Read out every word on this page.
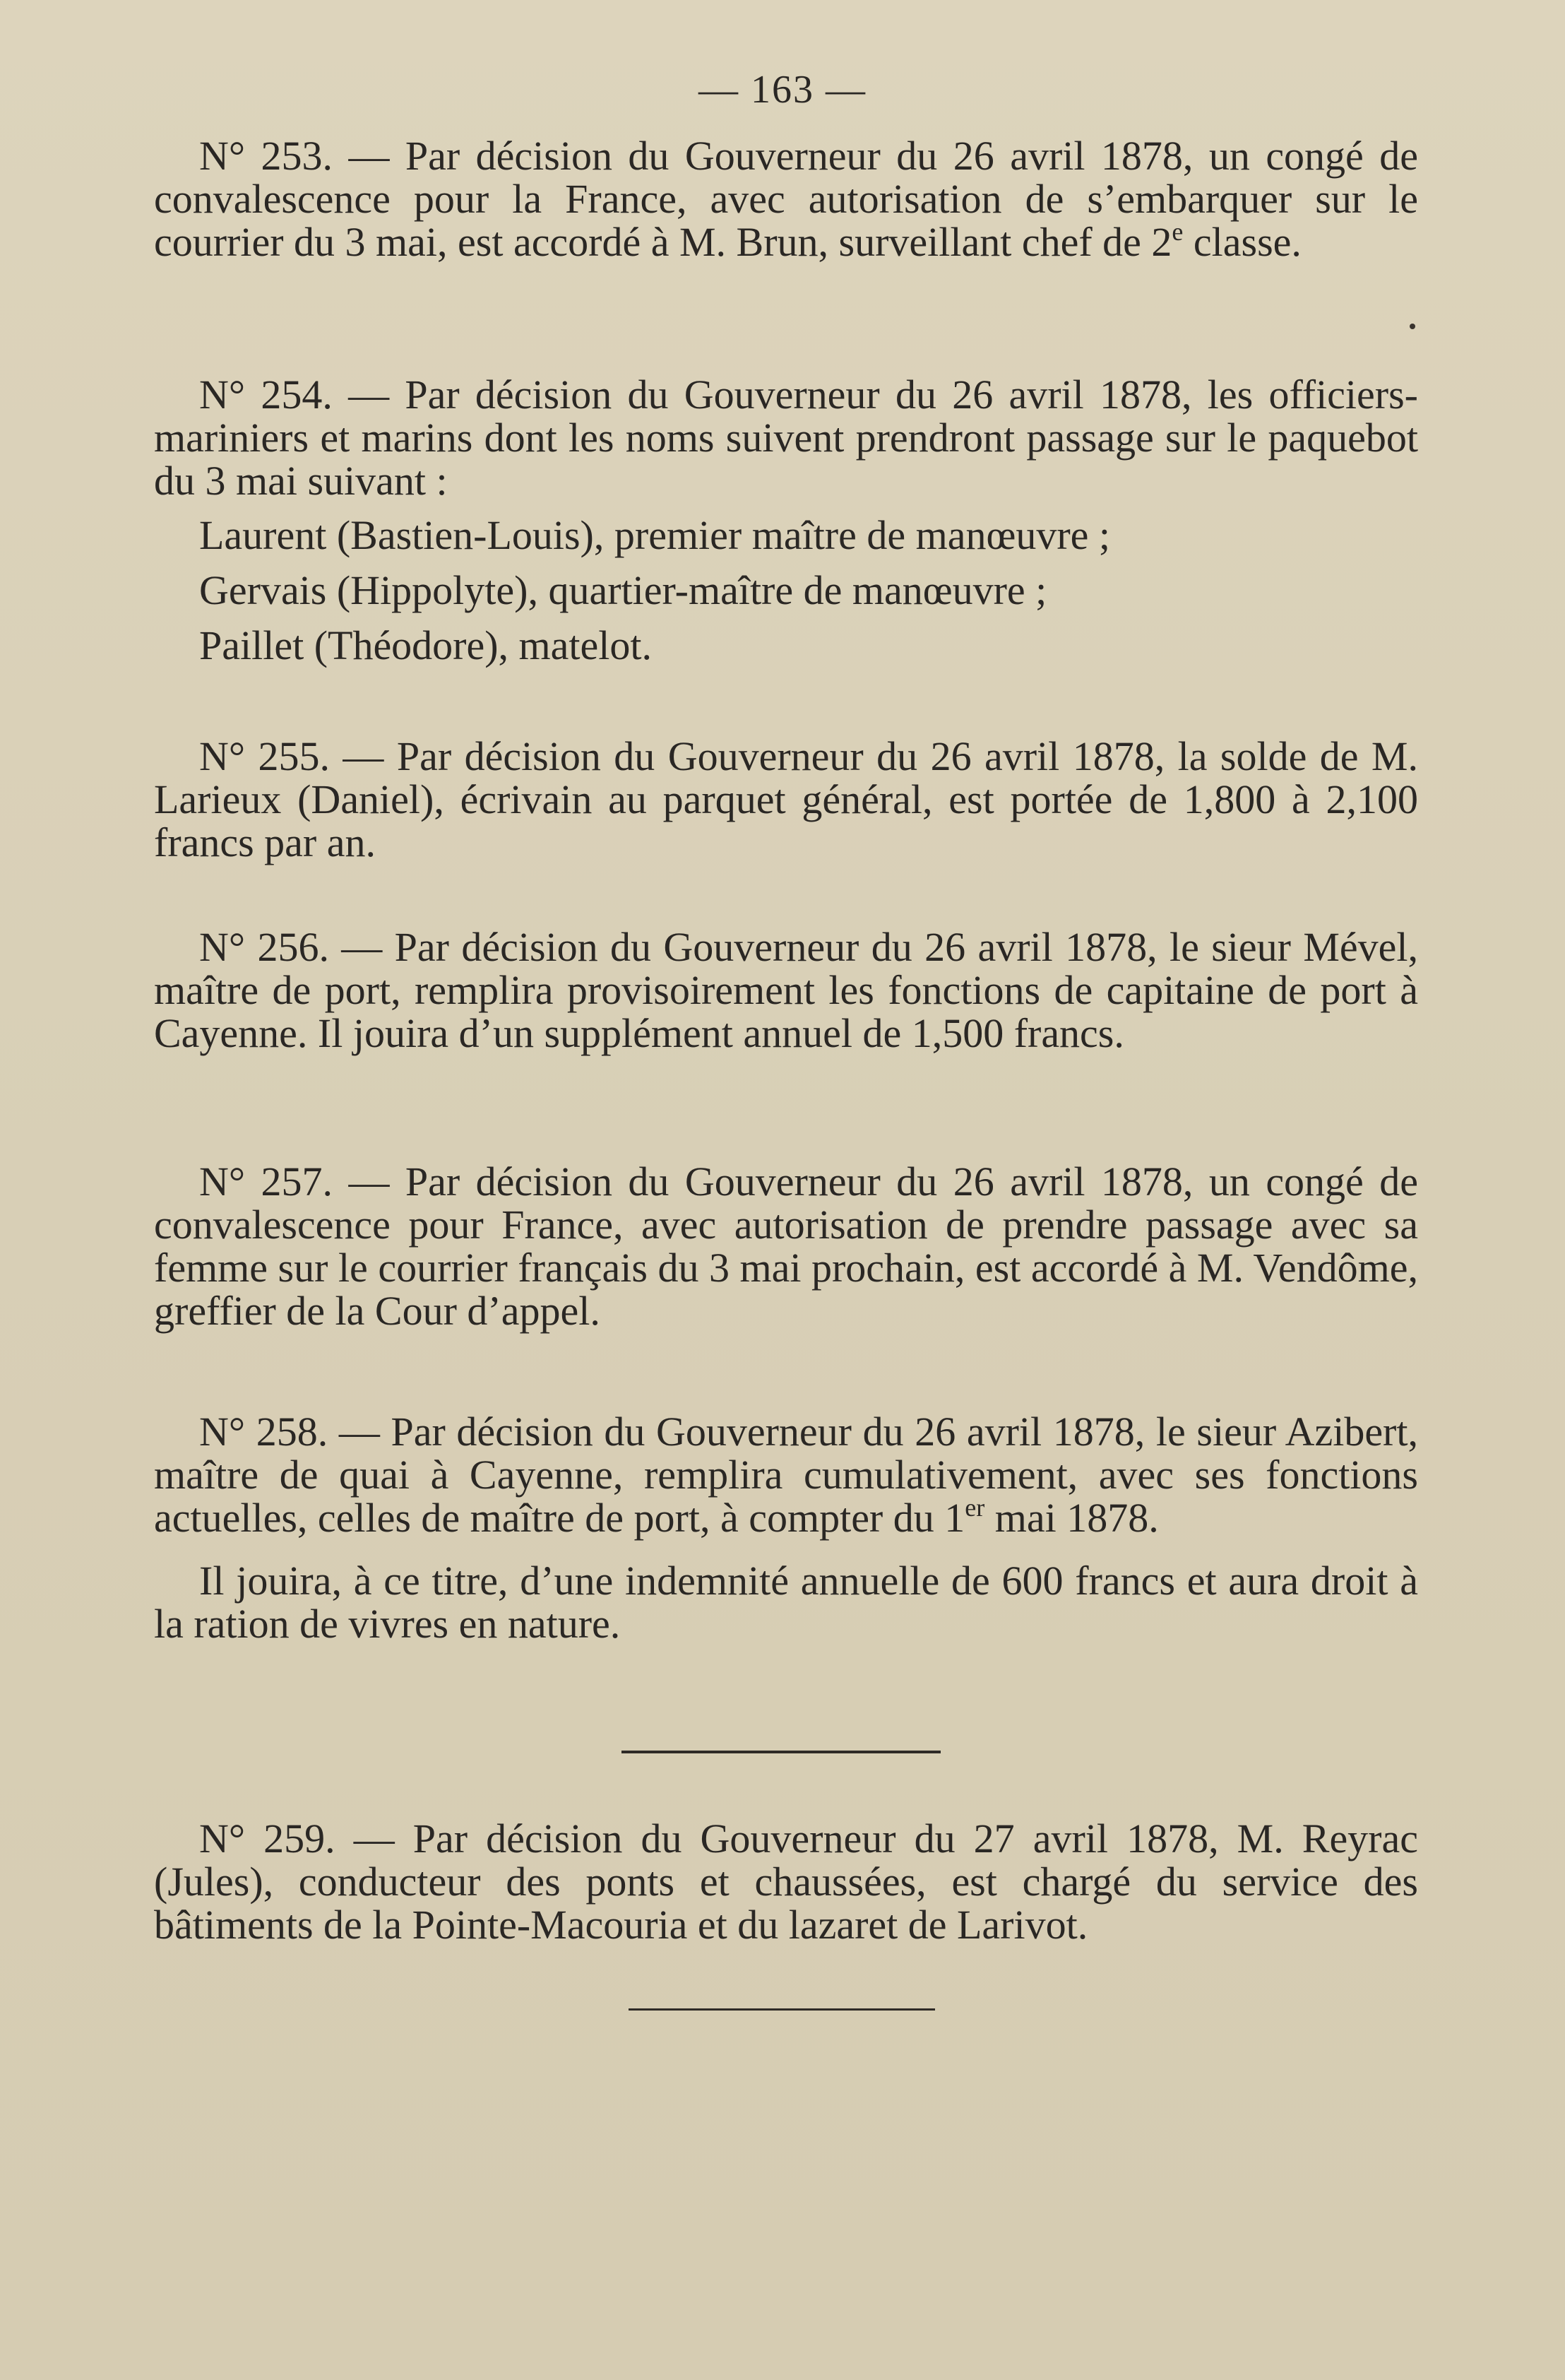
— 163 —

N° 253. — Par décision du Gouverneur du 26 avril 1878, un congé de convalescence pour la France, avec autorisation de s’embarquer sur le courrier du 3 mai, est accordé à M. Brun, surveillant chef de 2e classe.

N° 254. — Par décision du Gouverneur du 26 avril 1878, les officiers-mariniers et marins dont les noms suivent prendront passage sur le paquebot du 3 mai suivant :

Laurent (Bastien-Louis), premier maître de manœuvre ;

Gervais (Hippolyte), quartier-maître de manœuvre ;

Paillet (Théodore), matelot.

N° 255. — Par décision du Gouverneur du 26 avril 1878, la solde de M. Larieux (Daniel), écrivain au parquet général, est portée de 1,800 à 2,100 francs par an.

N° 256. — Par décision du Gouverneur du 26 avril 1878, le sieur Mével, maître de port, remplira provisoirement les fonctions de capitaine de port à Cayenne. Il jouira d’un supplément annuel de 1,500 francs.

N° 257. — Par décision du Gouverneur du 26 avril 1878, un congé de convalescence pour France, avec autorisation de prendre passage avec sa femme sur le courrier français du 3 mai prochain, est accordé à M. Vendôme, greffier de la Cour d’appel.

N° 258. — Par décision du Gouverneur du 26 avril 1878, le sieur Azibert, maître de quai à Cayenne, remplira cumulativement, avec ses fonctions actuelles, celles de maître de port, à compter du 1er mai 1878.

Il jouira, à ce titre, d’une indemnité annuelle de 600 francs et aura droit à la ration de vivres en nature.

N° 259. — Par décision du Gouverneur du 27 avril 1878, M. Reyrac (Jules), conducteur des ponts et chaussées, est chargé du service des bâtiments de la Pointe-Macouria et du lazaret de Larivot.
